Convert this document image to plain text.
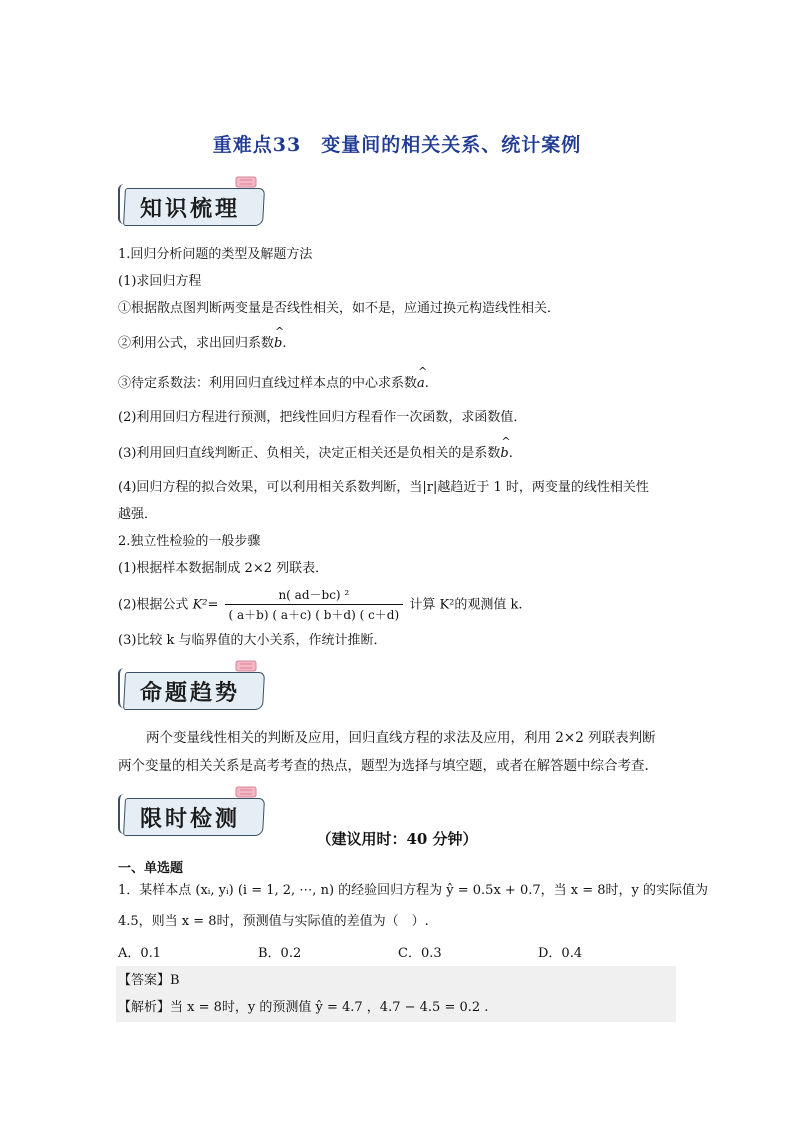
重难点33　变量间的相关关系、统计案例
知识梳理
1.回归分析问题的类型及解题方法
(1)求回归方程
①根据散点图判断两变量是否线性相关，如不是，应通过换元构造线性相关．
②利用公式，求出回归系数^ b.
③待定系数法：利用回归直线过样本点的中心求系数^ a.
(2)利用回归方程进行预测，把线性回归方程看作一次函数，求函数值．
(3)利用回归直线判断正、负相关，决定正相关还是负相关的是系数^ b.
(4)回归方程的拟合效果，可以利用相关系数判断，当|r|越趋近于 1 时，两变量的线性相关性
越强．
2.独立性检验的一般步骤
(1)根据样本数据制成 2×2 列联表．
(2)根据公式 $K^2= \frac{\text{n( ad－bc) ²}}{( a+b) ( a+c) ( b+d) ( c+d)}$ 计算 K²的观测值 k.
(3)比较 k 与临界值的大小关系，作统计推断．
命题趋势
两个变量线性相关的判断及应用，回归直线方程的求法及应用，利用 2×2 列联表判断
两个变量的相关关系是高考考查的热点，题型为选择与填空题，或者在解答题中综合考查.
限时检测
（建议用时：40 分钟）
一、单选题
1．某样本点 (xᵢ, yᵢ) (i = 1, 2, ⋯, n) 的经验回归方程为 ŷ = 0.5x + 0.7，当 x = 8时，y 的实际值为
4.5，则当 x = 8时，预测值与实际值的差值为（　）.
A．0.1	B．0.2	C．0.3	D．0.4
【答案】B
【解析】当 x = 8时，y 的预测值 ŷ = 4.7 ，4.7 − 4.5 = 0.2 .
